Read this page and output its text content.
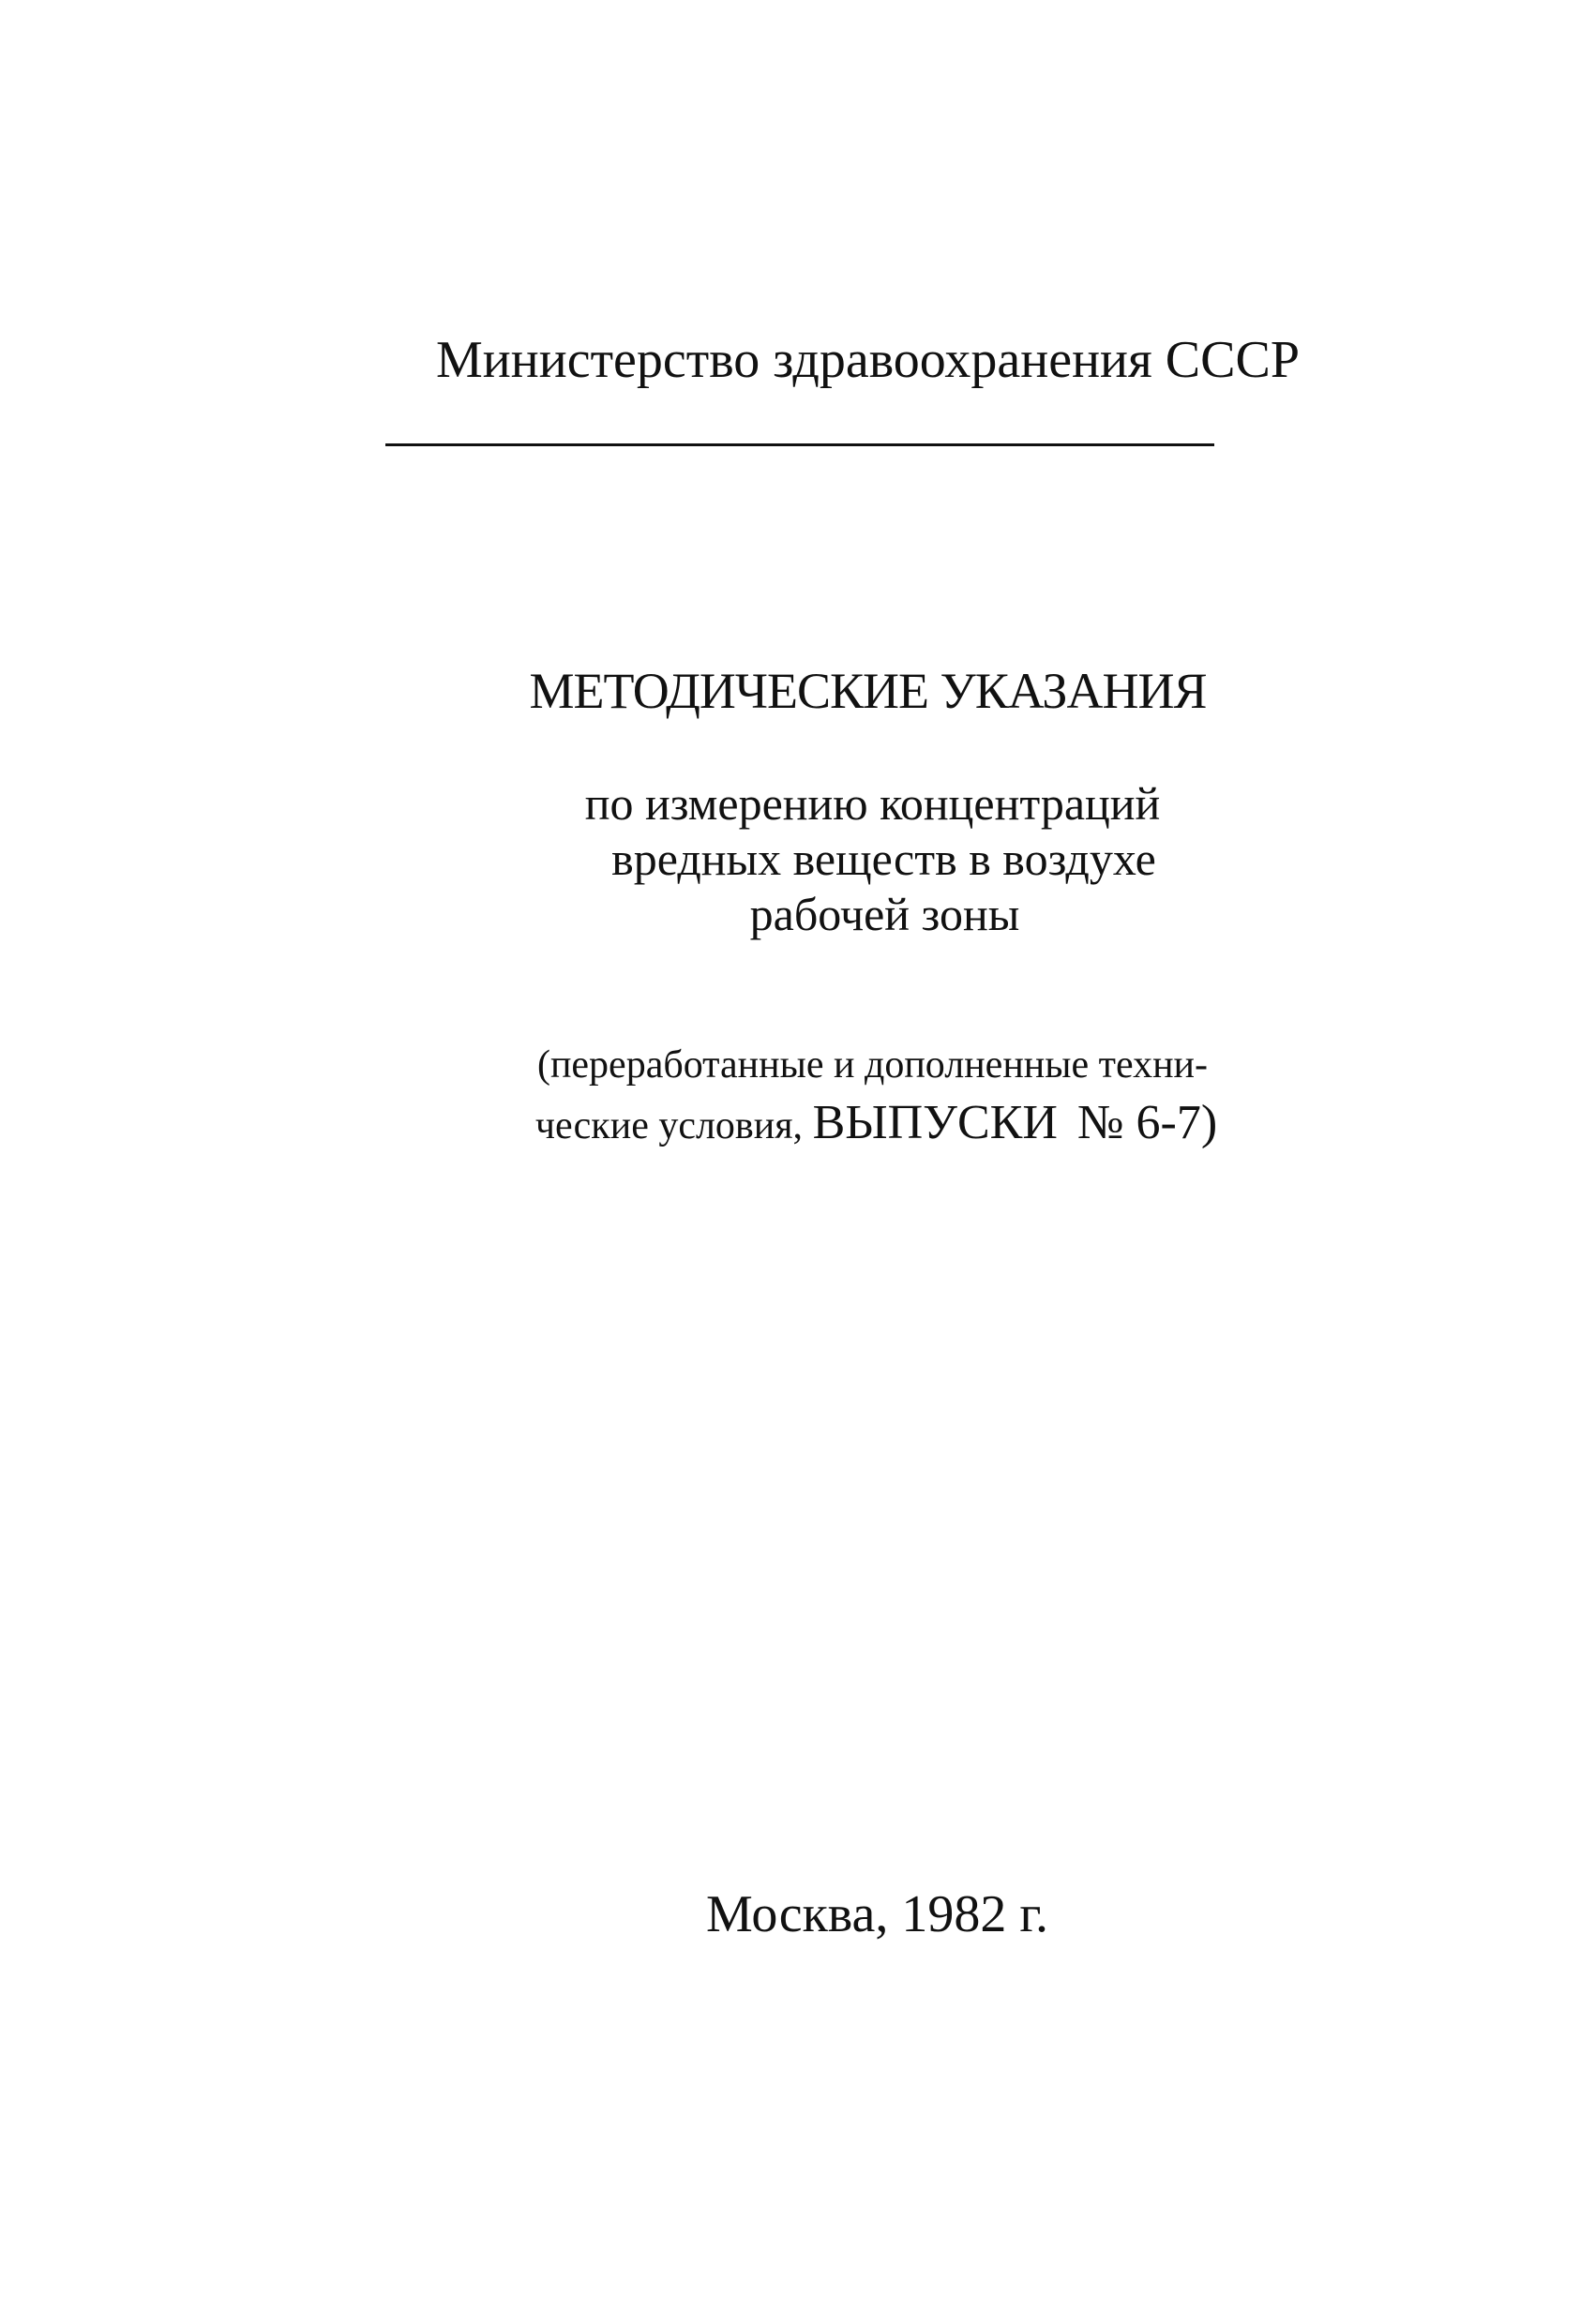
Министерство здравоохранения СССР
МЕТОДИЧЕСКИЕ УКАЗАНИЯ
по измерению концентраций
вредных веществ в воздухе
рабочей зоны
(переработанные и дополненные техни-
ческие условия, ВЫПУСКИ № 6-7)
Москва, 1982 г.
